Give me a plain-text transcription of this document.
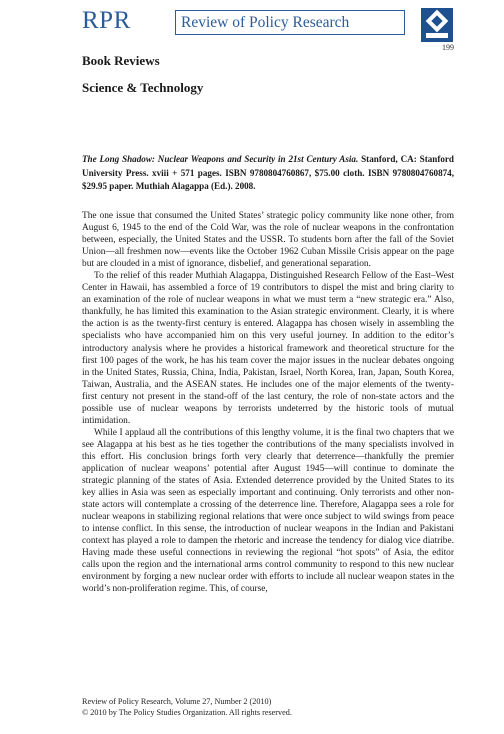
RPR	Review of Policy Research
199
Book Reviews
Science & Technology
The Long Shadow: Nuclear Weapons and Security in 21st Century Asia. Stanford, CA: Stanford University Press. xviii + 571 pages. ISBN 9780804760867, $75.00 cloth. ISBN 9780804760874, $29.95 paper. Muthiah Alagappa (Ed.). 2008.

The one issue that consumed the United States’ strategic policy community like none other, from August 6, 1945 to the end of the Cold War, was the role of nuclear weapons in the confrontation between, especially, the United States and the USSR. To students born after the fall of the Soviet Union—all freshmen now—events like the October 1962 Cuban Missile Crisis appear on the page but are clouded in a mist of ignorance, disbelief, and generational separation.

To the relief of this reader Muthiah Alagappa, Distinguished Research Fellow of the East–West Center in Hawaii, has assembled a force of 19 contributors to dispel the mist and bring clarity to an examination of the role of nuclear weapons in what we must term a “new strategic era.” Also, thankfully, he has limited this examination to the Asian strategic environment. Clearly, it is where the action is as the twenty-first century is entered. Alagappa has chosen wisely in assembling the specialists who have accompanied him on this very useful journey. In addition to the editor’s introductory analysis where he provides a historical framework and theoretical structure for the first 100 pages of the work, he has his team cover the major issues in the nuclear debates ongoing in the United States, Russia, China, India, Pakistan, Israel, North Korea, Iran, Japan, South Korea, Taiwan, Australia, and the ASEAN states. He includes one of the major elements of the twenty-first century not present in the stand-off of the last century, the role of non-state actors and the possible use of nuclear weapons by terrorists undeterred by the historic tools of mutual intimidation.

While I applaud all the contributions of this lengthy volume, it is the final two chapters that we see Alagappa at his best as he ties together the contributions of the many specialists involved in this effort. His conclusion brings forth very clearly that deterrence—thankfully the premier application of nuclear weapons’ potential after August 1945—will continue to dominate the strategic planning of the states of Asia. Extended deterrence provided by the United States to its key allies in Asia was seen as especially important and continuing. Only terrorists and other non-state actors will contemplate a crossing of the deterrence line. Therefore, Alagappa sees a role for nuclear weapons in stabilizing regional relations that were once subject to wild swings from peace to intense conflict. In this sense, the introduction of nuclear weapons in the Indian and Pakistani context has played a role to dampen the rhetoric and increase the tendency for dialog vice diatribe. Having made these useful connections in reviewing the regional “hot spots” of Asia, the editor calls upon the region and the international arms control community to respond to this new nuclear environment by forging a new nuclear order with efforts to include all nuclear weapon states in the world’s non-proliferation regime. This, of course,

Review of Policy Research, Volume 27, Number 2 (2010)
© 2010 by The Policy Studies Organization. All rights reserved.
